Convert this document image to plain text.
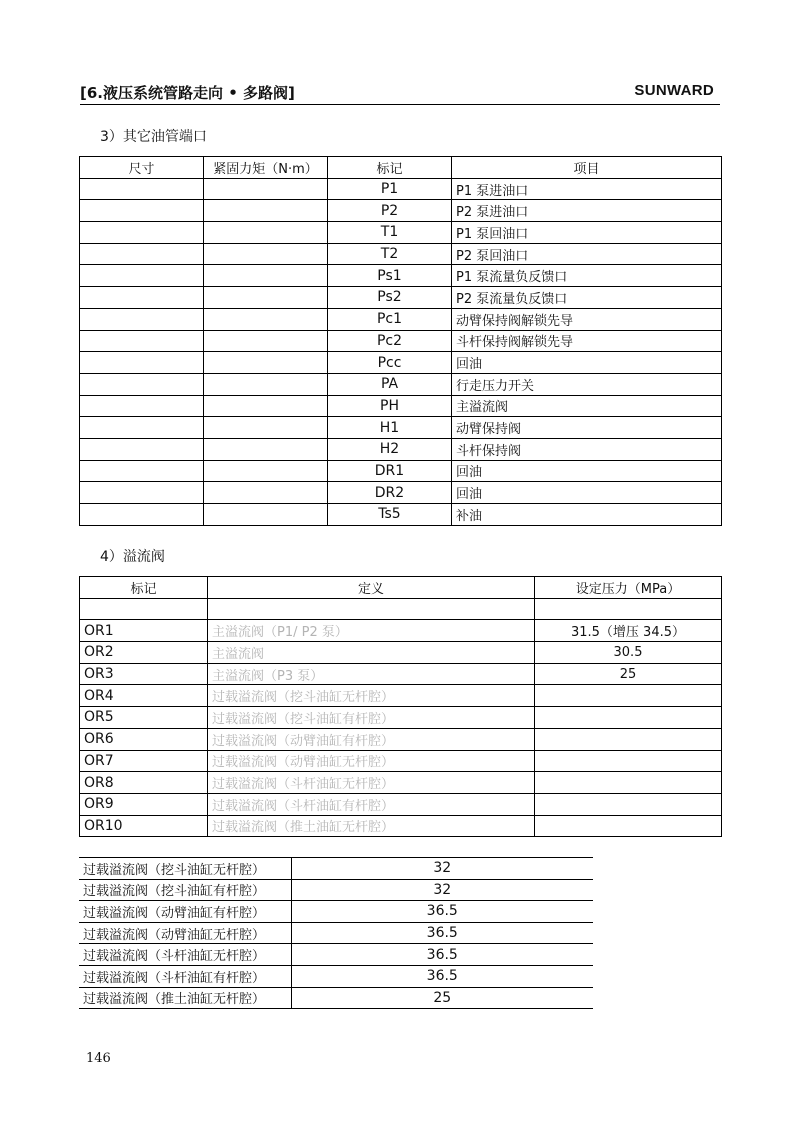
[6.液压系统管路走向 • 多路阀]	SUNWARD
3）其它油管端口
尺寸	紧固力矩（N·m）	标记	项目
		P1	P1 泵进油口
		P2	P2 泵进油口
		T1	P1 泵回油口
		T2	P2 泵回油口
		Ps1	P1 泵流量负反馈口
		Ps2	P2 泵流量负反馈口
		Pc1	动臂保持阀解锁先导
		Pc2	斗杆保持阀解锁先导
		Pcc	回油
		PA	行走压力开关
		PH	主溢流阀
		H1	动臂保持阀
		H2	斗杆保持阀
		DR1	回油
		DR2	回油
		Ts5	补油
4）溢流阀
标记	定义	设定压力（MPa）

OR1	主溢流阀（P1/ P2 泵）	31.5（增压 34.5）
OR2	主溢流阀	30.5
OR3	主溢流阀（P3 泵）	25
OR4	过载溢流阀（挖斗油缸无杆腔）	
OR5	过载溢流阀（挖斗油缸有杆腔）	
OR6	过载溢流阀（动臂油缸有杆腔）	
OR7	过载溢流阀（动臂油缸无杆腔）	
OR8	过载溢流阀（斗杆油缸无杆腔）	
OR9	过载溢流阀（斗杆油缸有杆腔）	
OR10	过载溢流阀（推土油缸无杆腔）	
过载溢流阀（挖斗油缸无杆腔）	32
过载溢流阀（挖斗油缸有杆腔）	32
过载溢流阀（动臂油缸有杆腔）	36.5
过载溢流阀（动臂油缸无杆腔）	36.5
过载溢流阀（斗杆油缸无杆腔）	36.5
过载溢流阀（斗杆油缸有杆腔）	36.5
过载溢流阀（推土油缸无杆腔）	25
146
